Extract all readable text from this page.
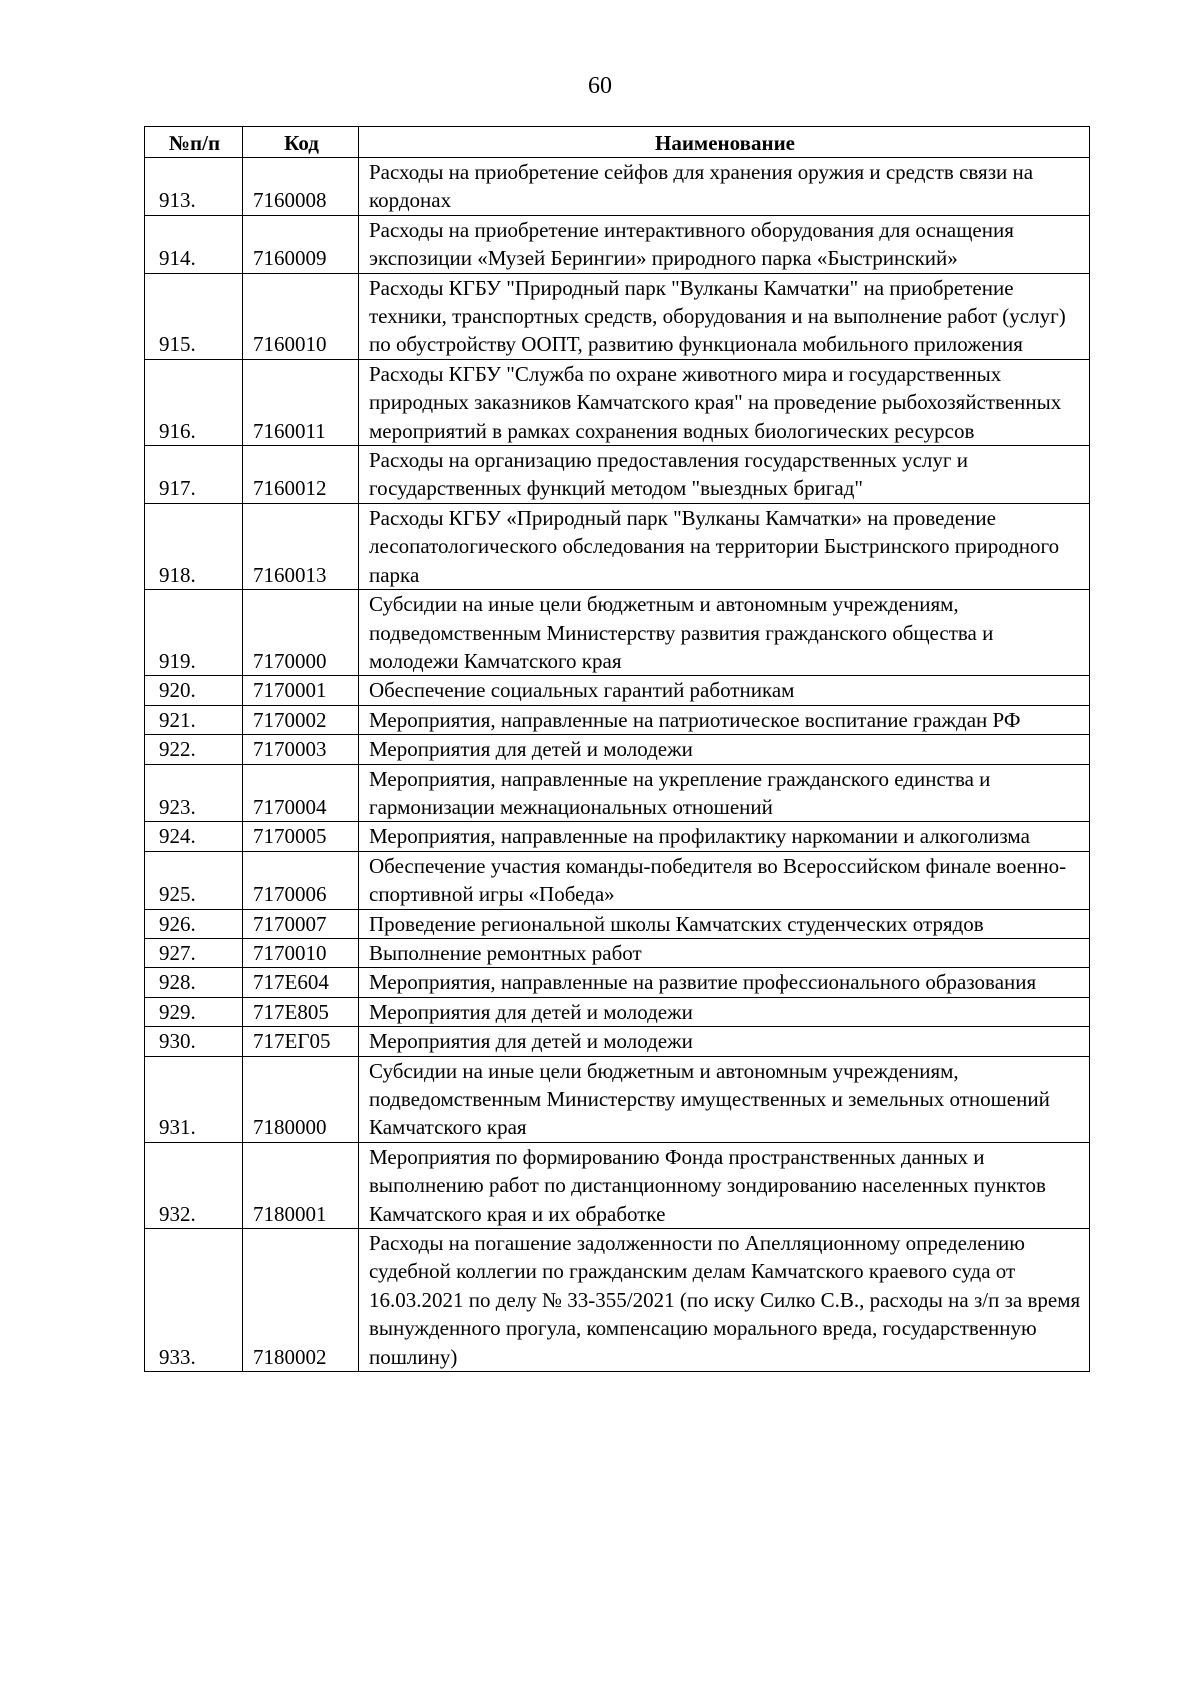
60
№п/п	Код	Наименование
913.	7160008	Расходы на приобретение сейфов для хранения оружия и средств связи на кордонах
914.	7160009	Расходы на приобретение интерактивного оборудования для оснащения экспозиции «Музей Берингии» природного парка «Быстринский»
915.	7160010	Расходы КГБУ "Природный парк "Вулканы Камчатки" на приобретение техники, транспортных средств, оборудования и на выполнение работ (услуг) по обустройству ООПТ, развитию функционала мобильного приложения
916.	7160011	Расходы КГБУ "Служба по охране животного мира и государственных природных заказников Камчатского края" на проведение рыбохозяйственных мероприятий в рамках сохранения водных биологических ресурсов
917.	7160012	Расходы на организацию предоставления государственных услуг и государственных функций методом "выездных бригад"
918.	7160013	Расходы КГБУ «Природный парк "Вулканы Камчатки» на проведение лесопатологического обследования на территории Быстринского природного парка
919.	7170000	Субсидии на иные цели бюджетным и автономным учреждениям, подведомственным Министерству развития гражданского общества и молодежи Камчатского края
920.	7170001	Обеспечение социальных гарантий работникам
921.	7170002	Мероприятия, направленные на патриотическое воспитание граждан РФ
922.	7170003	Мероприятия для детей и молодежи
923.	7170004	Мероприятия, направленные на укрепление гражданского единства и гармонизации межнациональных отношений
924.	7170005	Мероприятия, направленные на профилактику наркомании и алкоголизма
925.	7170006	Обеспечение участия команды-победителя во Всероссийском финале военно-спортивной игры «Победа»
926.	7170007	Проведение региональной школы Камчатских студенческих отрядов
927.	7170010	Выполнение ремонтных работ
928.	717E604	Мероприятия, направленные на развитие профессионального образования
929.	717E805	Мероприятия для детей и молодежи
930.	717EГ05	Мероприятия для детей и молодежи
931.	7180000	Субсидии на иные цели бюджетным и автономным учреждениям, подведомственным Министерству имущественных и земельных отношений Камчатского края
932.	7180001	Мероприятия по формированию Фонда пространственных данных и выполнению работ по дистанционному зондированию населенных пунктов Камчатского края и их обработке
933.	7180002	Расходы на погашение задолженности по Апелляционному определению судебной коллегии по гражданским делам Камчатского краевого суда от 16.03.2021 по делу № 33-355/2021 (по иску Силко С.В., расходы на з/п за время вынужденного прогула, компенсацию морального вреда, государственную пошлину)
